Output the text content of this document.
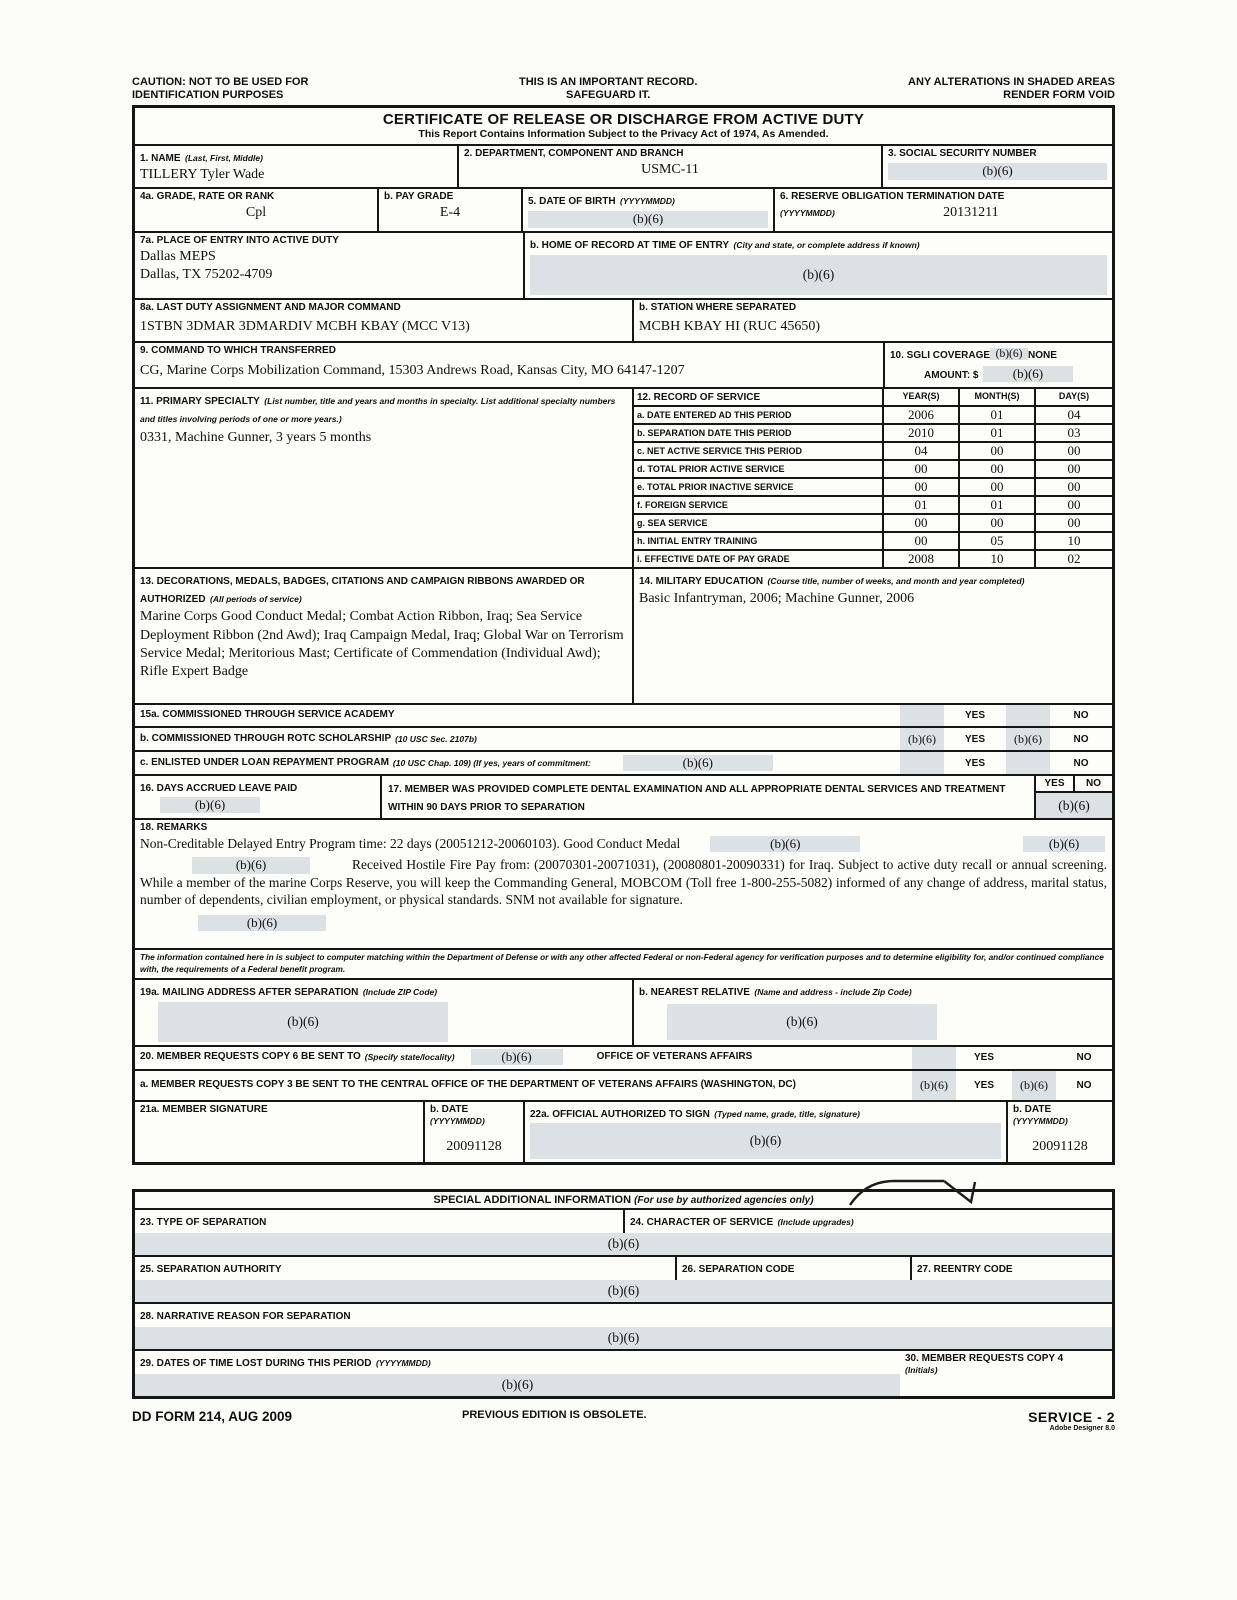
CAUTION: NOT TO BE USED FOR
IDENTIFICATION PURPOSES
THIS IS AN IMPORTANT RECORD.
SAFEGUARD IT.
ANY ALTERATIONS IN SHADED AREAS
RENDER FORM VOID
CERTIFICATE OF RELEASE OR DISCHARGE FROM ACTIVE DUTY
This Report Contains Information Subject to the Privacy Act of 1974, As Amended.
1. NAME (Last, First, Middle)
TILLERY Tyler Wade
2. DEPARTMENT, COMPONENT AND BRANCH
USMC-11
3. SOCIAL SECURITY NUMBER
(b)(6)
4a. GRADE, RATE OR RANK
Cpl
b. PAY GRADE
E-4
5. DATE OF BIRTH (YYYYMMDD)
(b)(6)
6. RESERVE OBLIGATION TERMINATION DATE
(YYYYMMDD)	20131211
7a. PLACE OF ENTRY INTO ACTIVE DUTY
Dallas MEPS
Dallas, TX 75202-4709
b. HOME OF RECORD AT TIME OF ENTRY (City and state, or complete address if known)
(b)(6)
8a. LAST DUTY ASSIGNMENT AND MAJOR COMMAND
1STBN 3DMAR 3DMARDIV MCBH KBAY (MCC V13)
b. STATION WHERE SEPARATED
MCBH KBAY HI (RUC 45650)
9. COMMAND TO WHICH TRANSFERRED
CG, Marine Corps Mobilization Command, 15303 Andrews Road, Kansas City, MO 64147-1207
10. SGLI COVERAGE (b)(6) NONE
AMOUNT: $	(b)(6)
11. PRIMARY SPECIALTY (List number, title and years and months in specialty. List additional specialty numbers and titles involving periods of one or more years.)
0331, Machine Gunner, 3 years 5 months
12. RECORD OF SERVICE	YEAR(S)	MONTH(S)	DAY(S)
a. DATE ENTERED AD THIS PERIOD	2006	01	04
b. SEPARATION DATE THIS PERIOD	2010	01	03
c. NET ACTIVE SERVICE THIS PERIOD	04	00	00
d. TOTAL PRIOR ACTIVE SERVICE	00	00	00
e. TOTAL PRIOR INACTIVE SERVICE	00	00	00
f. FOREIGN SERVICE	01	01	00
g. SEA SERVICE	00	00	00
h. INITIAL ENTRY TRAINING	00	05	10
i. EFFECTIVE DATE OF PAY GRADE	2008	10	02
13. DECORATIONS, MEDALS, BADGES, CITATIONS AND CAMPAIGN RIBBONS AWARDED OR AUTHORIZED (All periods of service)
Marine Corps Good Conduct Medal; Combat Action Ribbon, Iraq; Sea Service Deployment Ribbon (2nd Awd); Iraq Campaign Medal, Iraq; Global War on Terrorism Service Medal; Meritorious Mast; Certificate of Commendation (Individual Awd); Rifle Expert Badge
14. MILITARY EDUCATION (Course title, number of weeks, and month and year completed)
Basic Infantryman, 2006; Machine Gunner, 2006
15a. COMMISSIONED THROUGH SERVICE ACADEMY	YES	NO
b. COMMISSIONED THROUGH ROTC SCHOLARSHIP (10 USC Sec. 2107b)	(b)(6)	YES	(b)(6)	NO
c. ENLISTED UNDER LOAN REPAYMENT PROGRAM (10 USC Chap. 109) (If yes, years of commitment:	(b)(6)	YES	NO
16. DAYS ACCRUED LEAVE PAID (b)(6)
17. MEMBER WAS PROVIDED COMPLETE DENTAL EXAMINATION AND ALL APPROPRIATE DENTAL SERVICES AND TREATMENT WITHIN 90 DAYS PRIOR TO SEPARATION
YES	NO
(b)(6)
18. REMARKS
Non-Creditable Delayed Entry Program time: 22 days (20051212-20060103). Good Conduct Medal	(b)(6)	(b)(6)
(b)(6)	Received Hostile Fire Pay from: (20070301-20071031), (20080801-20090331) for Iraq. Subject to active duty recall or annual screening. While a member of the marine Corps Reserve, you will keep the Commanding General, MOBCOM (Toll free 1-800-255-5082) informed of any change of address, marital status, number of dependents, civilian employment, or physical standards. SNM not available for signature.
(b)(6)
The information contained here in is subject to computer matching within the Department of Defense or with any other affected Federal or non-Federal agency for verification purposes and to determine eligibility for, and/or continued compliance with, the requirements of a Federal benefit program.
19a. MAILING ADDRESS AFTER SEPARATION (Include ZIP Code)
(b)(6)
b. NEAREST RELATIVE (Name and address - include Zip Code)
(b)(6)
20. MEMBER REQUESTS COPY 6 BE SENT TO (Specify state/locality)	(b)(6)	OFFICE OF VETERANS AFFAIRS	YES	NO
a. MEMBER REQUESTS COPY 3 BE SENT TO THE CENTRAL OFFICE OF THE DEPARTMENT OF VETERANS AFFAIRS (WASHINGTON, DC)	(b)(6)	YES	(b)(6)	NO
21a. MEMBER SIGNATURE	b. DATE
(YYYYMMDD)
20091128
22a. OFFICIAL AUTHORIZED TO SIGN (Typed name, grade, title, signature)
(b)(6)
b. DATE
(YYYYMMDD)
20091128
SPECIAL ADDITIONAL INFORMATION (For use by authorized agencies only)
23. TYPE OF SEPARATION	24. CHARACTER OF SERVICE (Include upgrades)
(b)(6)
25. SEPARATION AUTHORITY	26. SEPARATION CODE	27. REENTRY CODE
(b)(6)
28. NARRATIVE REASON FOR SEPARATION
(b)(6)
29. DATES OF TIME LOST DURING THIS PERIOD (YYYYMMDD)
(b)(6)
30. MEMBER REQUESTS COPY 4
(Initials)
DD FORM 214, AUG 2009	PREVIOUS EDITION IS OBSOLETE.	SERVICE - 2
Adobe Designer 8.0
